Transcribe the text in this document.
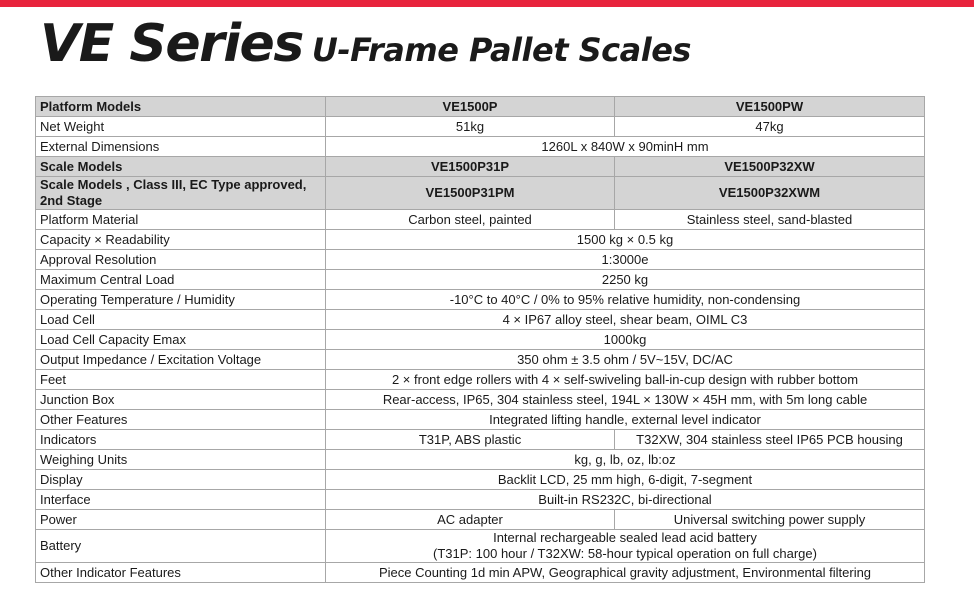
VE Series U-Frame Pallet Scales
Platform Models	VE1500P	VE1500PW
Net Weight	51kg	47kg
External Dimensions	1260L x 840W x 90minH mm	
Scale Models	VE1500P31P	VE1500P32XW

Scale Models , Class III, EC Type approved,
2nd Stage	VE1500P31PM	VE1500P32XWM
Platform Material	Carbon steel, painted	Stainless steel, sand-blasted
Capacity × Readability	1500 kg × 0.5 kg	
Approval Resolution	1:3000e	
Maximum Central Load	2250 kg	
Operating Temperature / Humidity	-10°C to 40°C / 0% to 95% relative humidity, non-condensing	
Load Cell	4 × IP67 alloy steel, shear beam, OIML C3	
Load Cell Capacity Emax	1000kg	
Output Impedance / Excitation Voltage	350 ohm ± 3.5 ohm / 5V~15V, DC/AC	
Feet	2 × front edge rollers with 4 × self-swiveling ball-in-cup design with rubber bottom	
Junction Box	Rear-access, IP65, 304 stainless steel, 194L × 130W × 45H mm, with 5m long cable	
Other Features	Integrated lifting handle, external level indicator	
Indicators	T31P, ABS plastic	T32XW, 304 stainless steel IP65 PCB housing
Weighing Units	kg, g, lb, oz, lb:oz	
Display	Backlit LCD, 25 mm high, 6-digit, 7-segment	
Interface	Built-in RS232C, bi-directional	
Power	AC adapter	Universal switching power supply
Battery	Internal rechargeable sealed lead acid battery
(T31P: 100 hour / T32XW: 58-hour typical operation on full charge)	

Other Indicator Features	Piece Counting 1d min APW, Geographical gravity adjustment, Environmental filtering	
